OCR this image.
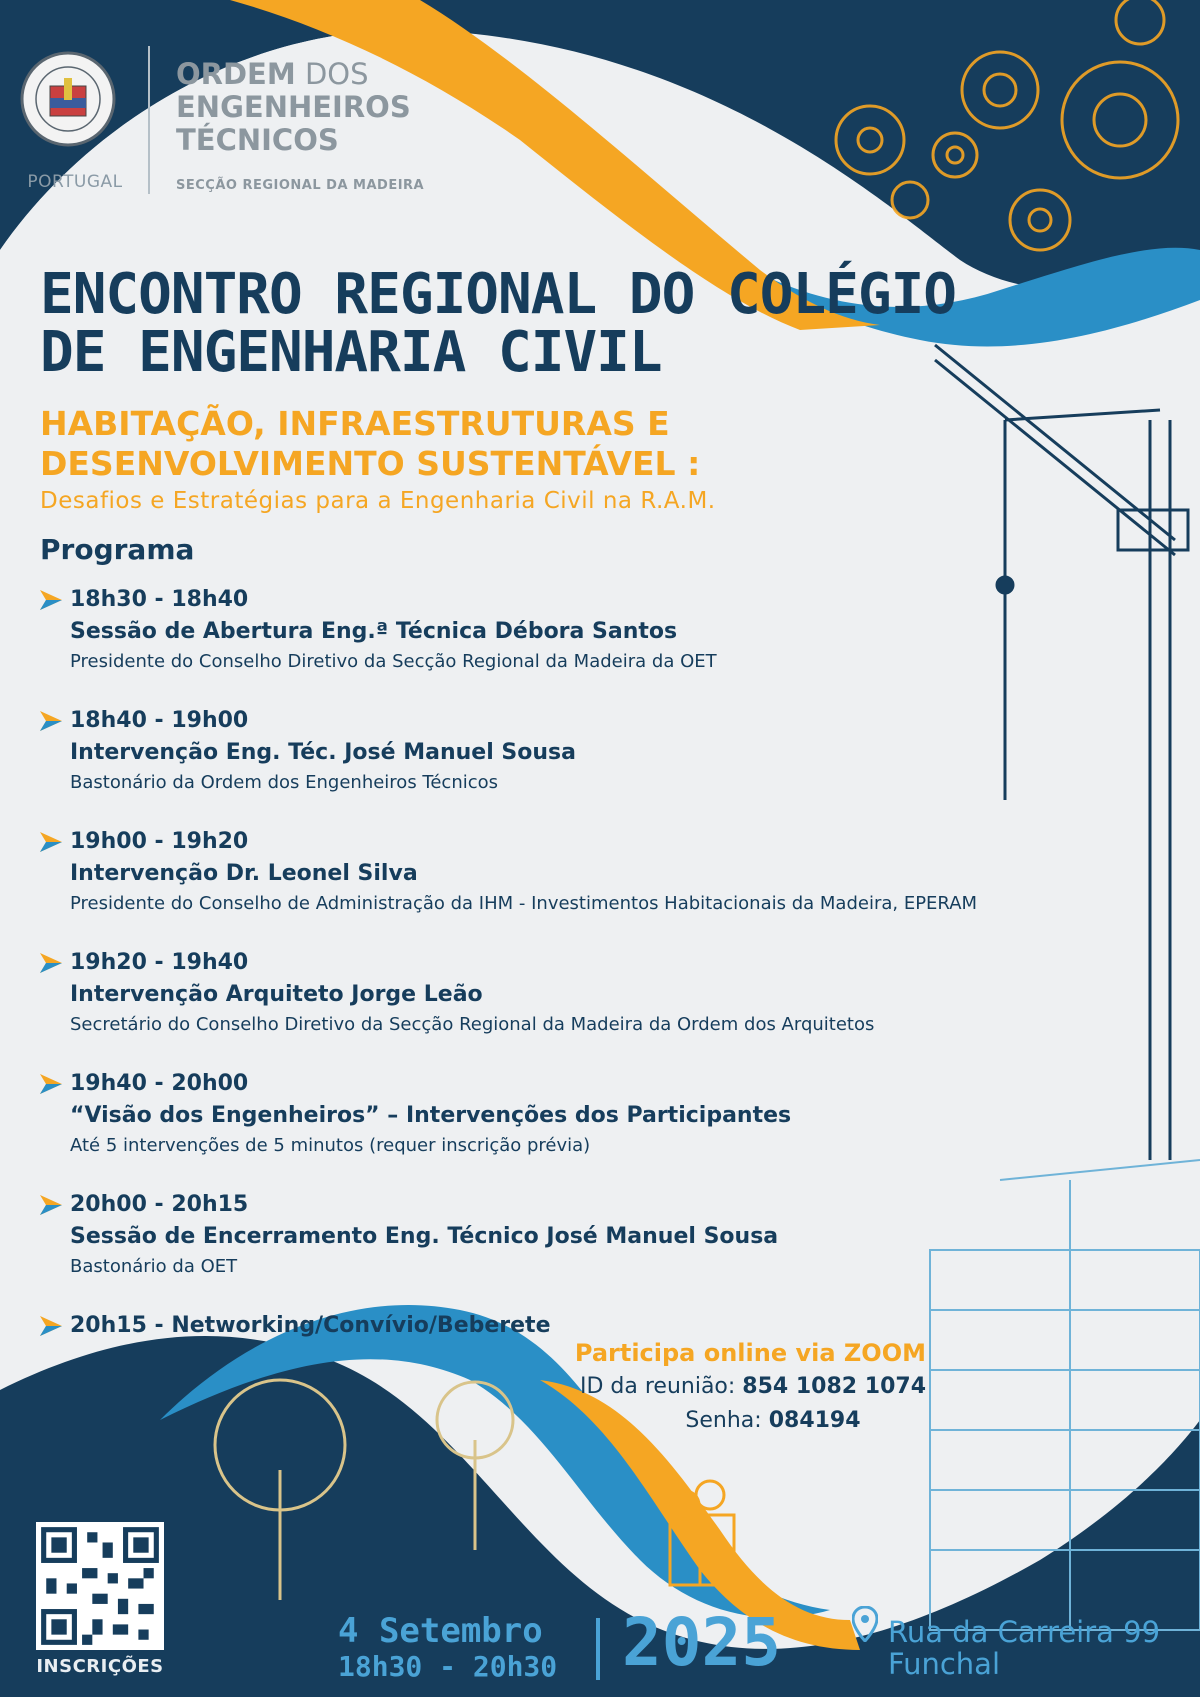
PORTUGAL
ORDEM DOS
ENGENHEIROS
TÉCNICOS
SECÇÃO REGIONAL DA MADEIRA
ENCONTRO REGIONAL DO COLÉGIO
DE ENGENHARIA CIVIL
HABITAÇÃO, INFRAESTRUTURAS E
DESENVOLVIMENTO SUSTENTÁVEL :
Desafios e Estratégias para a Engenharia Civil na R.A.M.
Programa
18h30 - 18h40
Sessão de Abertura Eng.ª Técnica Débora Santos
Presidente do Conselho Diretivo da Secção Regional da Madeira da OET
18h40 - 19h00
Intervenção Eng. Téc. José Manuel Sousa
Bastonário da Ordem dos Engenheiros Técnicos
19h00 - 19h20
Intervenção Dr. Leonel Silva
Presidente do Conselho de Administração da IHM - Investimentos Habitacionais da Madeira, EPERAM
19h20 - 19h40
Intervenção Arquiteto Jorge Leão
Secretário do Conselho Diretivo da Secção Regional da Madeira da Ordem dos Arquitetos
19h40 - 20h00
“Visão dos Engenheiros” – Intervenções dos Participantes
Até 5 intervenções de 5 minutos (requer inscrição prévia)
20h00 - 20h15
Sessão de Encerramento Eng. Técnico José Manuel Sousa
Bastonário da OET
20h15 - Networking/Convívio/Beberete
Participa online via ZOOM
ID da reunião: 854 1082 1074
Senha: 084194
INSCRIÇÕES
4 Setembro
18h30 - 20h30 2025	Rua da Carreira 99
Funchal
